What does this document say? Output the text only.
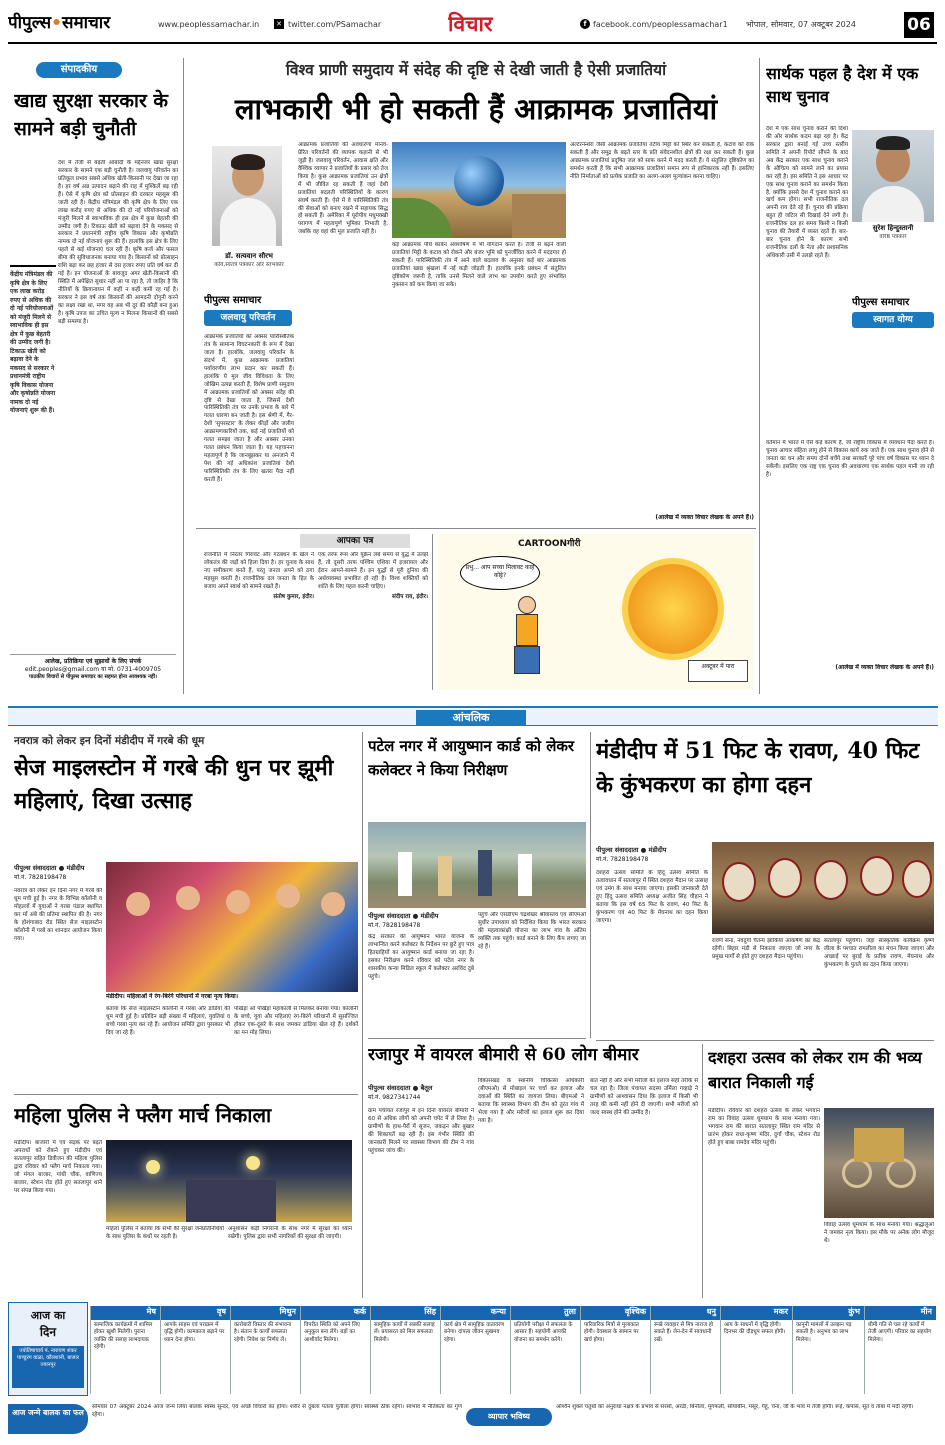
पीपुल्स•समाचार	www.peoplessamachar.in	✕ twitter.com/PSamachar	विचार	f facebook.com/peoplessamachar1	भोपाल, सोमवार, 07 अक्टूबर 2024	06
संपादकीय
खाद्य सुरक्षा सरकार के सामने बड़ी चुनौती
देश में तेजी से बढ़ती आबादी के मद्देनजर खाद्य सुरक्षा सरकार के सामने एक बड़ी चुनौती है। जलवायु परिवर्तन का प्रतिकूल प्रभाव सबसे अधिक खेती-किसानी पर देखा जा रहा है। हर वर्ष अन्न उत्पादन बढ़ाने की राह में मुश्किलें बढ़ रही हैं। ऐसे में कृषि क्षेत्र को प्रोत्साहन की दरकार महसूस की जाती रही है। केंद्रीय मंत्रिमंडल की कृषि क्षेत्र के लिए एक लाख करोड़ रुपए से अधिक की दो नई परियोजनाओं को मंजूरी मिलने से स्वाभाविक ही इस क्षेत्र में कुछ बेहतरी की उम्मीद जगी है। टिकाऊ खेती को बढ़ावा देने के मकसद से सरकार ने प्रधानमंत्री राष्ट्रीय कृषि विकास और कृषोन्नति नामक दो नई योजनाएं शुरू की हैं। हालांकि इस क्षेत्र के लिए पहले से कई योजनाएं चल रही हैं। कृषि कर्ज और फसल बीमा की सुविधाजनक बनाया गया है। किसानों को प्रोत्साहन राशि बढ़ा कर छह हजार से दस हजार रुपए प्रति वर्ष कर दी गई है। इन योजनाओं के बावजूद अगर खेती-किसानी की स्थिति में अपेक्षित सुधार नहीं आ पा रहा है, तो जाहिर है कि नीतियों के क्रियान्वयन में कहीं न कहीं कमी रह गई है। सरकार ने इस वर्ष तक किसानों की आमदनी दोगुनी करने का लक्ष्य रखा था, मगर वह अब भी दूर की कौड़ी बना हुआ है। कृषि उपज का उचित मूल्य न मिलना किसानों की सबसे बड़ी समस्या है।
केंद्रीय मंत्रिमंडल की कृषि क्षेत्र के लिए एक लाख करोड़ रुपए से अधिक की दो नई परियोजनाओं को मंजूरी मिलने से स्वाभाविक ही इस क्षेत्र में कुछ बेहतरी की उम्मीद जगी है। टिकाऊ खेती को बढ़ावा देने के मकसद से सरकार ने प्रधानमंत्री राष्ट्रीय कृषि विकास योजना और कृषोन्नति योजना नामक दो नई योजनाएं शुरू की हैं।
आलेख, प्रतिक्रिया एवं सुझावों के लिए संपर्क
edit.peoples@gmail.com या मो. 0731-4009705
पाठकीय विचारों से पीपुल्स समाचार का सहमत होना आवश्यक नहीं।
विश्व प्राणी समुदाय में संदेह की दृष्टि से देखी जाती है ऐसी प्रजातियां
लाभकारी भी हो सकती हैं आक्रामक प्रजातियां
डॉ. सत्यवान सौरभ
कवि,स्वतंत्र पत्रकार और स्तंभकार
पीपुल्स समाचार
जलवायु परिवर्तन
आक्रामक प्रजातियों को अक्सर पारिस्थितिक तंत्र के सामान्य विघटनकारी के रूप में देखा जाता है। हालांकि, जलवायु परिवर्तन के संदर्भ में, कुछ आक्रामक प्रजातियां पर्यावरणीय लाभ प्रदान कर सकती हैं। हालांकि ये मूल जीव विविधता के लिए जोखिम उत्पन्न करती हैं, विशेष प्राणी समुदाय में आक्रामक प्रजातियों को अक्सर संदेह की दृष्टि से देखा जाता है, जिससे देशी पारिस्थितिकी तंत्र पर उनके प्रभाव के बारे में गलत धारणा बन जाती है। इस श्रेणी में, गैर-देशी 'सुपरस्टार' के लेकर कीड़ों और जलीय आक्रामणकारियों तक, कई नई प्रजातियों को गलत समझा जाता है और अक्सर उनका गलत प्रबंधन किया जाता है। यह पहचानना महत्वपूर्ण है कि जानबूझकर या अनजाने में पेश की गई अधिकांश प्रजातियां देशी पारिस्थितिकी तंत्र के लिए खतरा पैदा नहीं करती हैं।
आक्रामक प्रजातियों की अवधारणा मानव-प्रेरित परिवर्तनों की व्यापक कहानी से भी जुड़ी है। जलवायु परिवर्तन, आवास क्षति और वैश्विक व्यापार ने प्रजातियों के प्रसार को तेज किया है। कुछ आक्रामक प्रजातियां उन क्षेत्रों में भी जीवित रह सकती हैं जहां देशी प्रजातियां बदलती परिस्थितियों के कारण संघर्ष करती हैं। ऐसे में वे पारिस्थितिकी तंत्र की सेवाओं को बनाए रखने में सहायक सिद्ध हो सकती हैं। अमेरिका में यूरोपीय मधुमक्खी परागण में महत्वपूर्ण भूमिका निभाती है, जबकि वह वहां की मूल प्रजाति नहीं है।
कई आक्रामक पौधे कार्बन अवशोषण में भी योगदान करते हैं। तेजी से बढ़ने वाली प्रजातियां मिट्टी के कटाव को रोकने और बंजर भूमि को पुनर्जीवित करने में मददगार हो सकती हैं। पारिस्थितिकी तंत्र में आने वाले बदलाव के अनुसार कई बार आक्रामक प्रजातियां खाद्य श्रृंखला में नई कड़ी जोड़ती हैं। हालांकि इनके प्रबंधन में संतुलित दृष्टिकोण जरूरी है, ताकि उनसे मिलने वाले लाभ का उपयोग करते हुए संभावित नुकसान को कम किया जा सके।
अल्टरनेन्थेरा जैसी आक्रामक प्रजातियां तटीय मिट्टी को स्थिर कर सकती हैं, कटाव को रोक सकती हैं और समुद्र के बढ़ते स्तर के प्रति संवेदनशील क्षेत्रों की रक्षा कर सकती हैं। कुछ आक्रामक प्रजातियां प्रदूषित जल को साफ करने में मदद करती हैं। ये संतुलित दृष्टिकोण का समर्थन करती हैं कि सभी आक्रामक प्रजातियां समान रूप से हानिकारक नहीं हैं। इसलिए नीति निर्माताओं को प्रत्येक प्रजाति का अलग-अलग मूल्यांकन करना चाहिए।
(आलेख में व्यक्त विचार लेखक के अपने हैं।)
आपका पत्र
राजनीति में निरंतर गिरावट और गठबंधन के खेल ने लोकतंत्र की जड़ों को हिला दिया है। हर चुनाव के साथ नए समीकरण बनते हैं, परंतु जनता अपने को ठगा महसूस करती है। राजनीतिक दल जनता के हित के बजाय अपने स्वार्थ को सामने रखते हैं।
संतोष कुमार, इंदौर।
एक तरफ रूस और यूक्रेन लंबे समय से युद्ध में उलझे हैं, तो दूसरी तरफ पश्चिम एशिया में इजरायल और ईरान आमने-सामने हैं। इन युद्धों से पूरी दुनिया की अर्थव्यवस्था प्रभावित हो रही है। विश्व शक्तियों को शांति के लिए पहल करनी चाहिए।
संदीप राय, इंदौर।
CARTOONगीरी
प्रभु... आप सच्चा मिलावट काहे कोट्टे?
अक्टूबर में पारा
सार्थक पहल है देश में एक साथ चुनाव
देश में एक साथ चुनाव कराने की दिशा की ओर सार्थक कदम बढ़ा रहा है। केंद्र सरकार द्वारा बनाई गई उच्च स्तरीय समिति ने अपनी रिपोर्ट सौंपने के बाद अब केंद्र सरकार एक साथ चुनाव कराने के औचित्य को सामने लाने का प्रयास कर रही है। इस समिति ने इस आधार पर एक साथ चुनाव कराने का समर्थन किया है, क्योंकि इससे देश में चुनाव कराने का खर्च कम होगा। सभी राजनीतिक दल अपनी राय देते रहे हैं। चुनाव की प्रक्रिया बहुत ही जटिल सी दिखाई देने लगी है। राजनीतिक दल हर समय किसी न किसी चुनाव की तैयारी में व्यस्त रहते हैं। बार-बार चुनाव होने के कारण सभी राजनीतिक दलों के नेता और प्रशासनिक अधिकारी उसी में उलझे रहते हैं।
सुरेश हिन्दुस्तानी
वरिष्ठ पत्रकार
पीपुल्स समाचार
स्वागत योग्य
वर्तमान में भारत में ऐसे कई कारण हैं, जो राष्ट्रीय विकास में व्यवधान पैदा करते हैं। चुनाव आचार संहिता लागू होने से विकास कार्य रुक जाते हैं। एक साथ चुनाव होने से जनता का धन और समय दोनों बचेंगे तथा सरकारें पूरे पांच वर्ष विकास पर ध्यान दे सकेंगी। इसलिए एक राष्ट्र एक चुनाव की अवधारणा एक सार्थक पहल मानी जा रही है।
(आलेख में व्यक्त विचार लेखक के अपने हैं।)
आंचलिक
नवरात्र को लेकर इन दिनों मंडीदीप में गरबे की धूम
सेज माइलस्टोन में गरबे की धुन पर झूमी महिलाएं, दिखा उत्साह
पीपुल्स संवाददाता ● मंडीदीप
मो.नं. 7828198478
मंडीदीप। महिलाओं ने रंग-बिरंगे परिधानों में गरबा नृत्य किया।
नवरात्र को लेकर इन दिनों नगर में गरबे की धूम मची हुई है। नगर के विभिन्न कॉलोनी व मोहल्लों में युवाओं ने गरबा पंडाल स्थापित कर माँ अंबे की प्रतिमा स्थापित की है। नगर के होशंगाबाद रोड स्थित सेज माइलस्टोन कॉलोनी में गरबे का शानदार आयोजन किया गया।
बताया कि सेज माइलस्टोन कॉलोनी में गरबा और डांडिया की धूम मची हुई है। प्रतिदिन बड़ी संख्या में महिलाएं, युवतियां व बच्चे गरबा नृत्य कर रहे हैं। आयोजन समिति द्वारा पुरस्कार भी दिए जा रहे हैं।
पंखिड़ा ओ पंखिड़ा महाकाली से मिलकर बनाया गया। कॉलोनी के बच्चे, युवा और महिलाएं रंग-बिरंगे परिधानों में सुसज्जित होकर एक-दूसरे के साथ जमकर डांडिया खेल रहे हैं। दर्शकों का मन मोह लिया।
महिला पुलिस ने फ्लैग मार्च निकाला
मंडीदीप। बाजारों में एवं सड़क पर बढ़ते अपराधों को रोकने हुए मंडीदीप एवं सतलापुर सहित डिवीजन की महिला पुलिस द्वारा रविवार को फ्लैग मार्च निकाला गया। जो मंगल बाजार, गांधी चौक, वाणिज्य बाजार, स्टेशन रोड होते हुए सतलापुर थाने पर संपन्न किया गया।
महिला पुलिस ने बताया कि सभी की सुरक्षा जनप्रतिनिधियों के साथ पुलिस के कंधों पर रहती है।
अनुशासन कड़ी निगरानी के साथ नगर में सुरक्षा का ध्यान रखेगी। पुलिस द्वारा सभी नागरिकों की सुरक्षा की जाएगी।
पटेल नगर में आयुष्मान कार्ड को लेकर कलेक्टर ने किया निरीक्षण
पीपुल्स संवाददाता ● मंडीदीप
मो.नं. 7828198478
केंद्र सरकार की आयुष्मान भारत योजना के लाभान्वित करने कलेक्टर के निर्देशन पर छूटे हुए पात्र हितग्राहियों का आयुष्मान कार्ड बनाया जा रहा है। इसका निरीक्षण करने रविवार को पटेल नगर के शासकीय कन्या मिडिल स्कूल में कलेक्टर अरविंद दुबे पहुंचे।
पहुंचे और एसडीएम चंद्रशेखर श्रीवास्तव एवं सीएमओ सुधीर उपाध्याय को निर्देशित किया कि भारत सरकार की महत्वाकांक्षी योजना का लाभ गांव के अंतिम व्यक्ति तक पहुंचे। कार्ड बनाने के लिए कैंप लगाए जा रहे हैं।
रजापुर में वायरल बीमारी से 60 लोग बीमार
पीपुल्स संवाददाता ● बैतूल
मो.नं. 9827341744
ग्राम पंचायत रजापुर में इन दिनों वायरल बीमारी ने 60 से अधिक लोगों को अपनी चपेट में ले लिया है। ग्रामीणों के हाथ-पैरों में सूजन, जकड़न और बुखार की शिकायतें बढ़ रही हैं। इस गंभीर स्थिति की जानकारी मिलने पर स्वास्थ्य विभाग की टीम ने गांव पहुंचकर जांच की।
विकासखंड के स्थानीय चिकित्सा अधिकारी (बीएमओ) से मोबाइल पर चर्चा कर इलाज और दवाओं की स्थिति का जायजा लिया। बीएमओ ने बताया कि स्वास्थ्य विभाग की टीम को तुरंत गांव में भेजा गया है और मरीजों का इलाज शुरू कर दिया गया है।
बात नहीं है और सभी मरीजों का इलाज सही तरीके से चल रहा है। जिला पंचायत सदस्य उर्मिला गव्हाड़े ने ग्रामीणों को आश्वासन दिया कि इलाज में किसी भी तरह की कमी नहीं होने दी जाएगी। सभी मरीजों को जल्द स्वस्थ होने की उम्मीद है।
मंडीदीप में 51 फिट के रावण, 40 फिट के कुंभकरण का होगा दहन
पीपुल्स संवाददाता ● मंडीदीप
मो.नं. 7828198478
दशहरा उत्सव समिति के हिंदू उत्सव समिति के तत्वावधान में सतलापुर में स्थित दशहरा मैदान पर उत्साह एवं उमंग के साथ मनाया जाएगा। इसकी जानकारी देते हुए हिंदू उत्सव समिति अध्यक्ष अजीत सिंह चौहान ने बताया कि इस वर्ष 65 फिट के रावण, 40 फिट के कुंभकरण एवं 40 फिट के मेघनाथ का दहन किया जाएगा।
रावण सेना, नवदुर्गा चैतन्य झांकियां आकर्षण का केंद्र रहेंगी। बिहार मंडी से निकाला जाएगा जो नगर के प्रमुख मार्गों से होते हुए दशहरा मैदान पहुंचेगा।
सतलापुर पहुंचेंगा। जहां सांस्कृतिक कार्यक्रम कृष्ण लीला के पश्चात रामलीला का मंचन किया जाएगा और अच्छाई पर बुराई के प्रतीक रावण, मेघनाथ और कुंभकरण के पुतले का दहन किया जाएगा।
दशहरा उत्सव को लेकर राम की भव्य बारात निकाली गई
मंडीदीप। रविवार को दशहरा उत्सव के लेकर भगवान राम का विवाह उत्सव धूमधाम के साथ मनाया गया। भगवान राम की बारात सतलापुर स्थित राम मंदिर से प्रारंभ होकर राधा-कृष्ण मंदिर, दुर्गा चौक, स्टेशन रोड होते हुए बाबा रामदेव मंदिर पहुंची।
विवाह उत्सव धूमधाम के साथ मनाया गया। श्रद्धालुओं ने जमकर नृत्य किया। इस मौके पर अनेक लोग मौजूद थे।
आज का
दिन
ज्योतिषाचार्य पं. नारायण शंकर पाण्डुरंग वाळा, कौलशानी, बाजार ज्यानपुर
मेष
सामाजिक कार्यक्रमों में शामिल होकर खुशी मिलेगी। पुराना व्यक्ति की सलाह लाभदायक रहेगी।
वृष
आपके साहस एवं पराक्रम में वृद्धि होगी। कामकाज बढ़ाने पर ध्यान देना होगा।
मिथुन
कारोबारी विस्तार की संभावना है। संतान के कार्यों सफलता रहेगी। निवेश का निर्णय लें।
कर्क
विपरीत स्थिति को अपने लिए अनुकूल बना लेंगे। बड़ों का आशीर्वाद मिलेगा।
सिंह
सामूहिक कार्यों में सबकी सलाह लें। प्रयासरत को मिल सफलता मिलेगी।
कन्या
कार्य क्षेत्र में सामूहिक वातावरण बनेगा। दांपत्य जीवन सुखमय रहेगा।
तुला
प्रतियोगी परीक्षा में सफलता के आसार हैं। सहयोगी आपकी योजना का समर्थन करेंगे।
वृश्चिक
पारिवारिक मित्रों से मुलाकात होगी। देवस्थल के सामान पर खर्च होगा।
धनु
रूखे व्यवहार से मित्र नाराज हो सकते हैं। लेन-देन में सावधानी रखें।
मकर
आय के साधनों में वृद्धि होगी। दिनभर की दौड़धूप सफल होगी।
कुंभ
कानूनी मामलों में उलझन पड़ सकती है। अनुभव का लाभ मिलेगा।
मीन
धीमी गति से चल रहे कार्यों में तेजी आएगी। परिवार का सहयोग मिलेगा।
आज जन्मे बालक का फल
सोमवार 07 अक्टूबर 2024 आज जन्म लिया बालक स्वस्थ सुन्दर, एवं अच्छे विचारों का होगा। शरीर से दुबला पतला पुर्तीला होगा। स्वास्थ्य ठीक रहेगा। स्वभाव में नैतिकता का गुण रहेगा।	व्यापार भविष्य
अश्विन शुक्ल चतुर्थी को अनुराधा नक्षत्र के प्रभाव से सरसों, अरंडी, बिनौला, मूंगफली, सोयाबीन, मसूर, गेहूं, चना, जौ के भाव में तेजी होगी। रूई, कपास, सूत व तांबा में मंदी रहेगी।
